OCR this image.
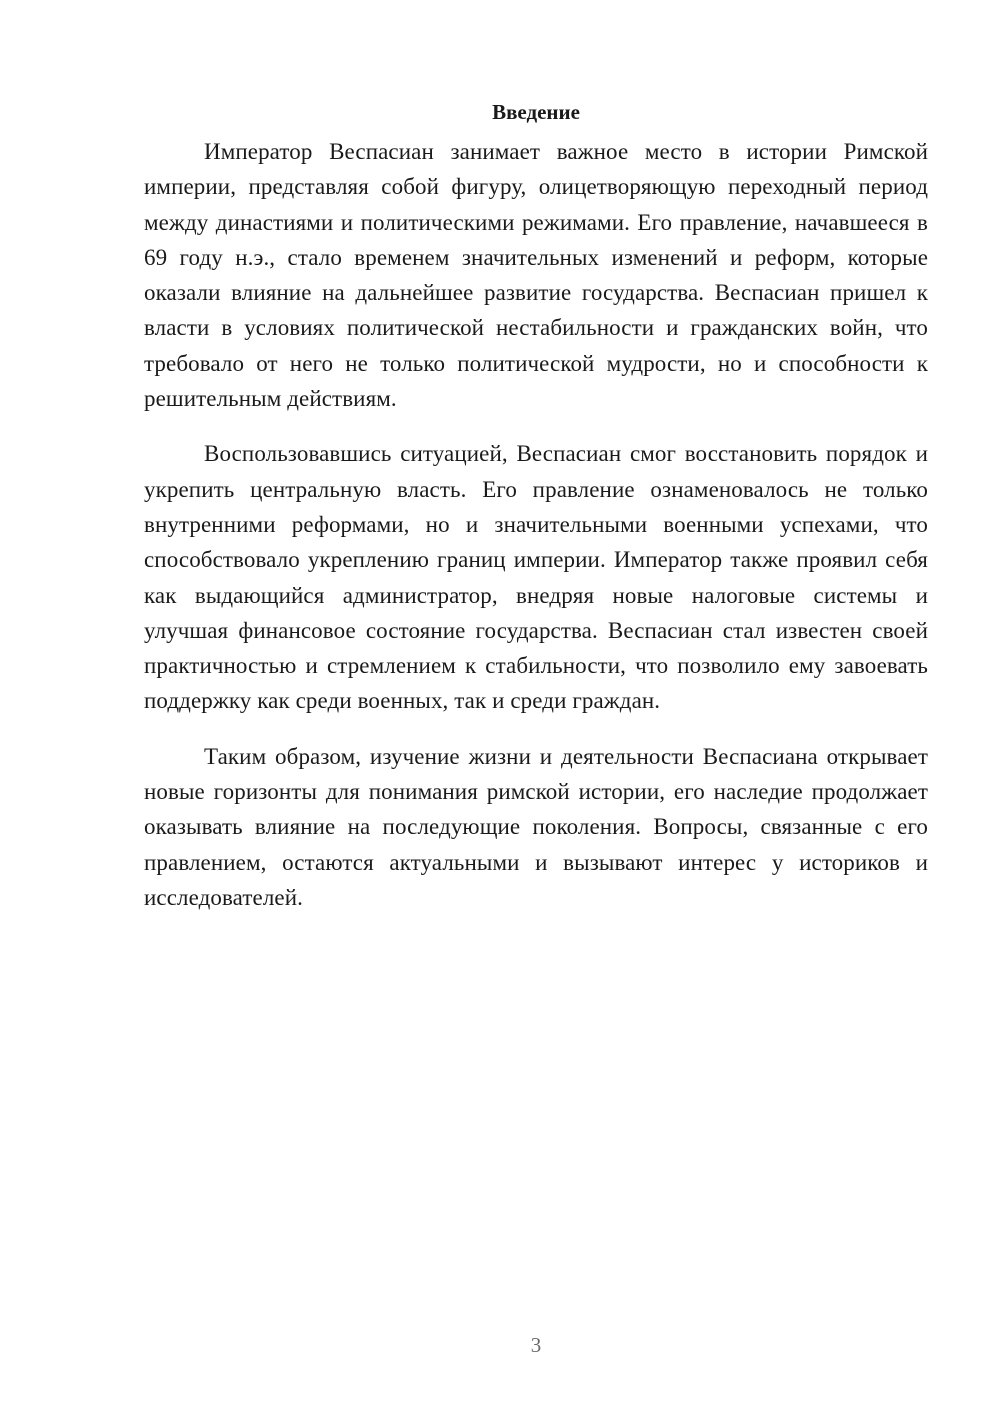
Введение

Император Веспасиан занимает важное место в истории Римской империи, представляя собой фигуру, олицетворяющую переходный период между династиями и политическими режимами. Его правление, начавшееся в 69 году н.э., стало временем значительных изменений и реформ, которые оказали влияние на дальнейшее развитие государства. Веспасиан пришел к власти в условиях политической нестабильности и гражданских войн, что требовало от него не только политической мудрости, но и способности к решительным действиям.

Воспользовавшись ситуацией, Веспасиан смог восстановить порядок и укрепить центральную власть. Его правление ознаменовалось не только внутренними реформами, но и значительными военными успехами, что способствовало укреплению границ империи. Император также проявил себя как выдающийся администратор, внедряя новые налоговые системы и улучшая финансовое состояние государства. Веспасиан стал известен своей практичностью и стремлением к стабильности, что позволило ему завоевать поддержку как среди военных, так и среди граждан.

Таким образом, изучение жизни и деятельности Веспасиана открывает новые горизонты для понимания римской истории, его наследие продолжает оказывать влияние на последующие поколения. Вопросы, связанные с его правлением, остаются актуальными и вызывают интерес у историков и исследователей.

3
